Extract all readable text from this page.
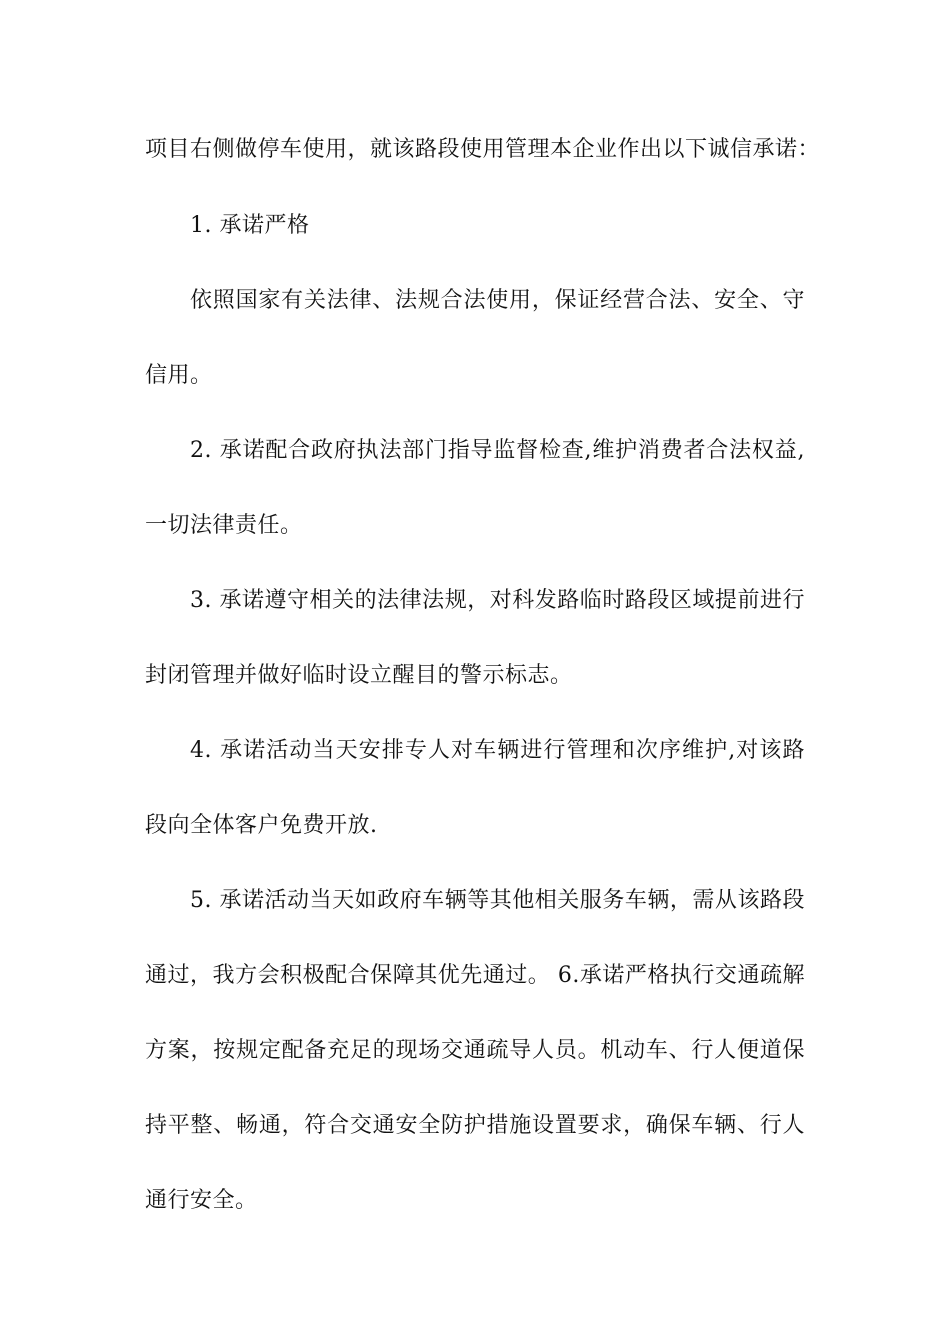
项目右侧做停车使用，就该路段使用管理本企业作出以下诚信承诺：
1. 承诺严格
依照国家有关法律、法规合法使用，保证经营合法、安全、守
信用。
2. 承诺配合政府执法部门指导监督检查,维护消费者合法权益,
一切法律责任。
3. 承诺遵守相关的法律法规，对科发路临时路段区域提前进行
封闭管理并做好临时设立醒目的警示标志。
4. 承诺活动当天安排专人对车辆进行管理和次序维护,对该路
段向全体客户免费开放.
5. 承诺活动当天如政府车辆等其他相关服务车辆，需从该路段
通过，我方会积极配合保障其优先通过。 6.承诺严格执行交通疏解
方案，按规定配备充足的现场交通疏导人员。机动车、行人便道保
持平整、畅通，符合交通安全防护措施设置要求，确保车辆、行人
通行安全。
